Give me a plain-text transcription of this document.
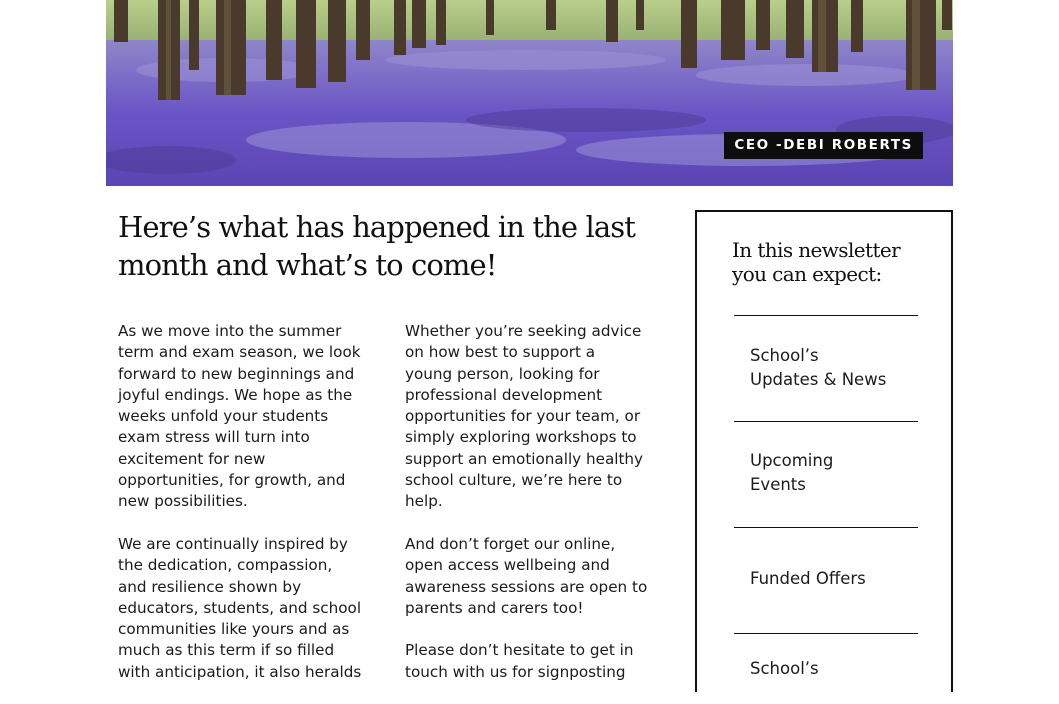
CEO -DEBI ROBERTS
Here’s what has happened in the last
month and what’s to come!

As we move into the summer
term and exam season, we look
forward to new beginnings and
joyful endings. We hope as the
weeks unfold your students
exam stress will turn into
excitement for new
opportunities, for growth, and
new possibilities.

We are continually inspired by
the dedication, compassion,
and resilience shown by
educators, students, and school
communities like yours and as
much as this term if so filled
with anticipation, it also heralds

Whether you’re seeking advice
on how best to support a
young person, looking for
professional development
opportunities for your team, or
simply exploring workshops to
support an emotionally healthy
school culture, we’re here to
help.

And don’t forget our online,
open access wellbeing and
awareness sessions are open to
parents and carers too!

Please don’t hesitate to get in
touch with us for signposting

In this newsletter
you can expect:
School’s
Updates & News
Upcoming
Events
Funded Offers
School’s
